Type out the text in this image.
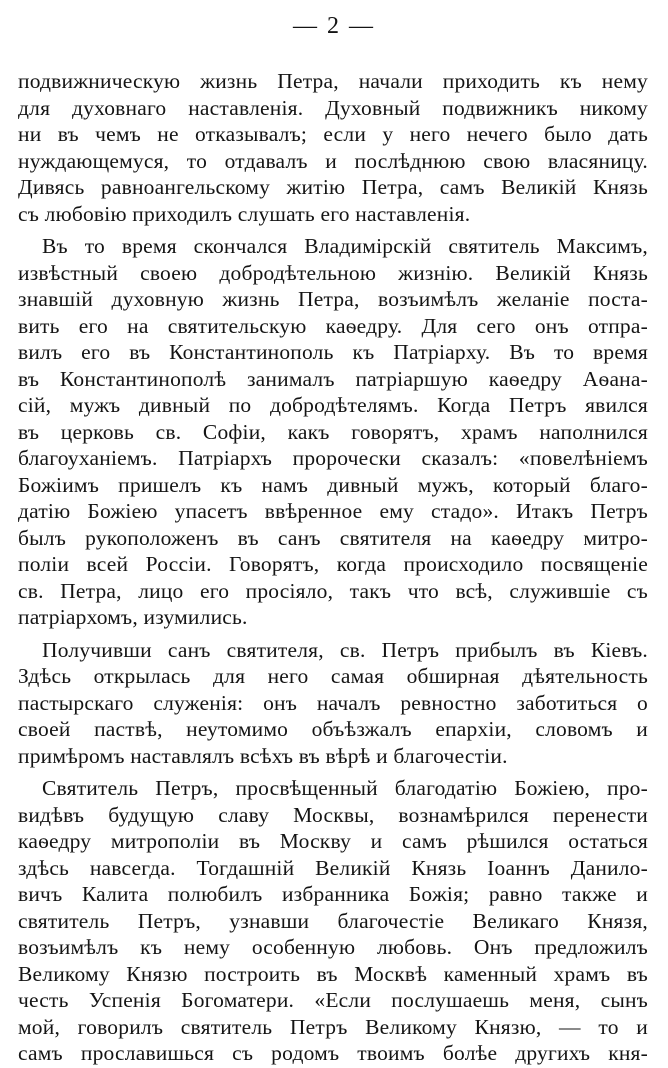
— 2 —
подвижническую жизнь Петра, начали приходить къ нему
для духовнаго наставленія. Духовный подвижникъ никому
ни въ чемъ не отказывалъ; если у него нечего было дать
нуждающемуся, то отдавалъ и послѣднюю свою власяницу.
Дивясь равноангельскому житію Петра, самъ Великій Князь
съ любовію приходилъ слушать его наставленія.
Въ то время скончался Владимірскій святитель Максимъ,
извѣстный своею добродѣтельною жизнію. Великій Князь
знавшій духовную жизнь Петра, возъимѣлъ желаніе поста-
вить его на святительскую каѳедру. Для сего онъ отпра-
вилъ его въ Константинополь къ Патріарху. Въ то время
въ Константинополѣ занималъ патріаршую каѳедру Аѳана-
сій, мужъ дивный по добродѣтелямъ. Когда Петръ явился
въ церковь св. Софіи, какъ говорятъ, храмъ наполнился
благоуханіемъ. Патріархъ пророчески сказалъ: «повелѣніемъ
Божіимъ пришелъ къ намъ дивный мужъ, который благо-
датію Божіею упасетъ ввѣренное ему стадо». Итакъ Петръ
былъ рукоположенъ въ санъ святителя на каѳедру митро-
поліи всей Россіи. Говорятъ, когда происходило посвященіе
св. Петра, лицо его просіяло, такъ что всѣ, служившіе съ
патріархомъ, изумились.
Получивши санъ святителя, св. Петръ прибылъ въ Кіевъ.
Здѣсь открылась для него самая обширная дѣятельность
пастырскаго служенія: онъ началъ ревностно заботиться о
своей паствѣ, неутомимо объѣзжалъ епархіи, словомъ и
примѣромъ наставлялъ всѣхъ въ вѣрѣ и благочестіи.
Святитель Петръ, просвѣщенный благодатію Божіею, про-
видѣвъ будущую славу Москвы, вознамѣрился перенести
каѳедру митрополіи въ Москву и самъ рѣшился остаться
здѣсь навсегда. Тогдашній Великій Князь Іоаннъ Данило-
вичъ Калита полюбилъ избранника Божія; равно также и
святитель Петръ, узнавши благочестіе Великаго Князя,
возъимѣлъ къ нему особенную любовь. Онъ предложилъ
Великому Князю построить въ Москвѣ каменный храмъ въ
честь Успенія Богоматери. «Если послушаешь меня, сынъ
мой, говорилъ святитель Петръ Великому Князю, — то и
самъ прославишься съ родомъ твоимъ болѣе другихъ кня-
